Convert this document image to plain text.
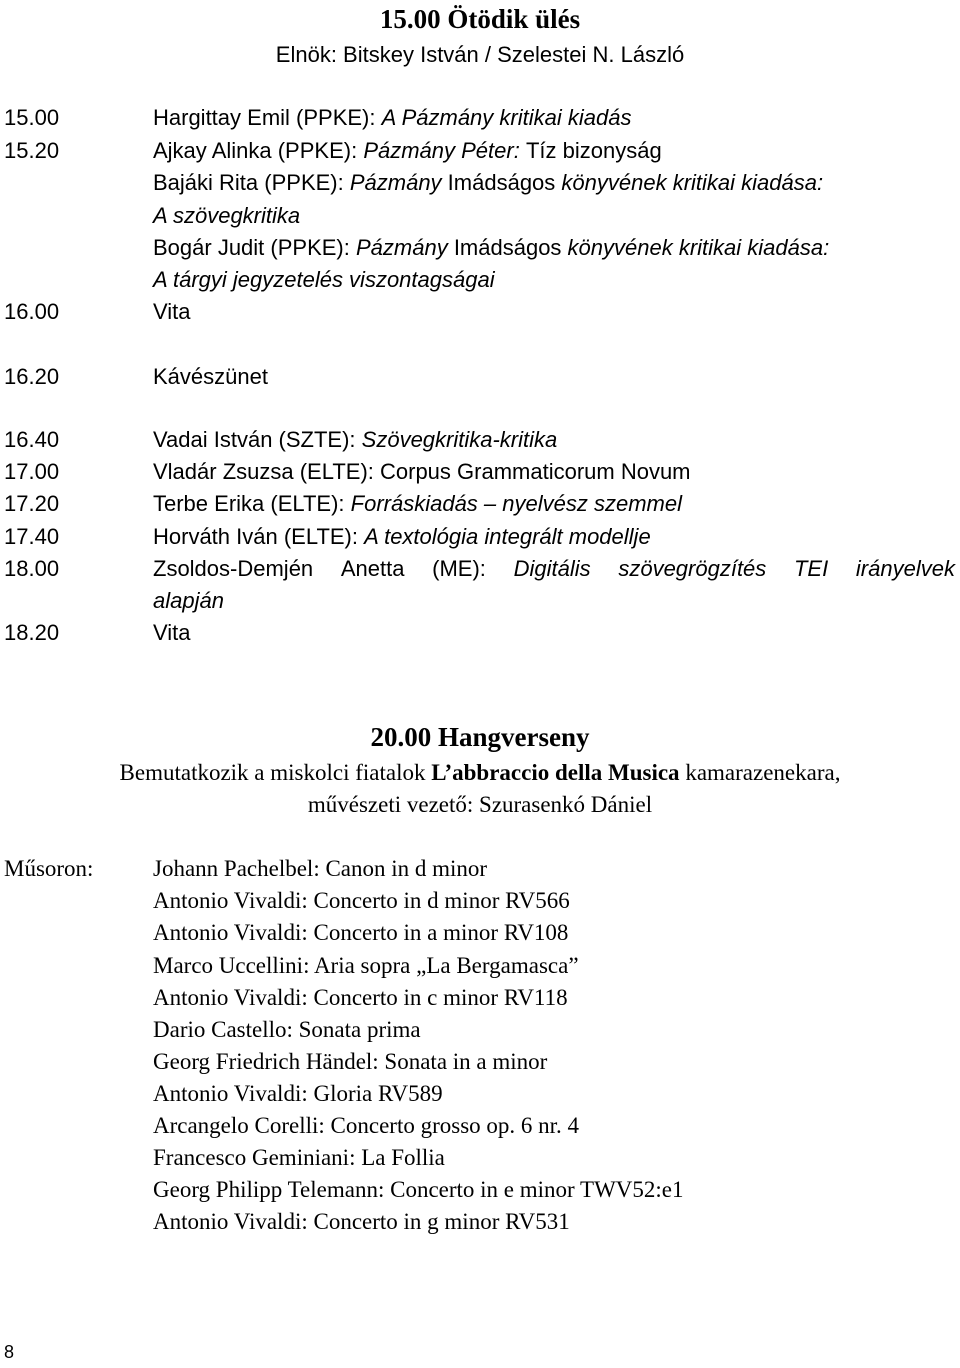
15.00 Ötödik ülés
Elnök: Bitskey István / Szelestei N. László
15.00	Hargittay Emil (PPKE): A Pázmány kritikai kiadás
15.20	Ajkay Alinka (PPKE): Pázmány Péter: Tíz bizonyság
Bajáki Rita (PPKE): Pázmány Imádságos könyvének kritikai kiadása:
A szövegkritika
Bogár Judit (PPKE): Pázmány Imádságos könyvének kritikai kiadása:
A tárgyi jegyzetelés viszontagságai
16.00	Vita
16.20	Kávészünet
16.40	Vadai István (SZTE): Szövegkritika-kritika
17.00	Vladár Zsuzsa (ELTE): Corpus Grammaticorum Novum
17.20	Terbe Erika (ELTE): Forráskiadás – nyelvész szemmel
17.40	Horváth Iván (ELTE): A textológia integrált modellje
18.00	Zsoldos-Demjén Anetta (ME): Digitális szövegrögzítés TEI irányelvek
alapján
18.20	Vita
20.00 Hangverseny
Bemutatkozik a miskolci fiatalok L’abbraccio della Musica kamarazenekara,
művészeti vezető: Szurasenkó Dániel
Műsoron:	Johann Pachelbel: Canon in d minor
Antonio Vivaldi: Concerto in d minor RV566
Antonio Vivaldi: Concerto in a minor RV108
Marco Uccellini: Aria sopra „La Bergamasca”
Antonio Vivaldi: Concerto in c minor RV118
Dario Castello: Sonata prima
Georg Friedrich Händel: Sonata in a minor
Antonio Vivaldi: Gloria RV589
Arcangelo Corelli: Concerto grosso op. 6 nr. 4
Francesco Geminiani: La Follia
Georg Philipp Telemann: Concerto in e minor TWV52:e1
Antonio Vivaldi: Concerto in g minor RV531
8
